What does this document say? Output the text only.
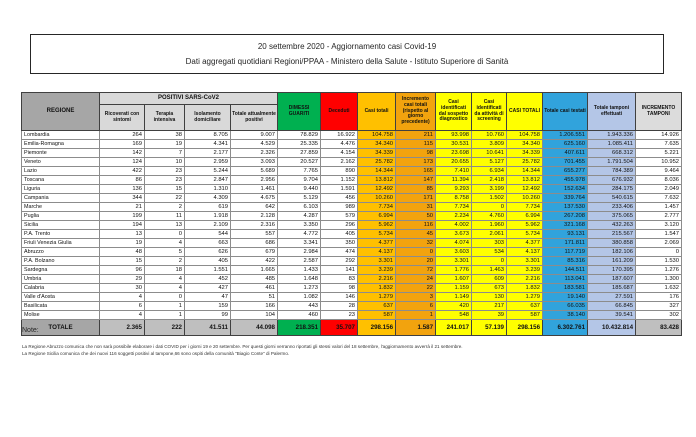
20 settembre 2020 - Aggiornamento casi Covid-19
Dati aggregati quotidiani Regioni/PPAA - Ministero della Salute - Istituto Superiore di Sanità
REGIONE	POSITIVI SARS-CoV2				DIMESSI GUARITI	Deceduti	Casi totali	Incremento casi totali (rispetto al giorno precedente)	Casi identificati dal sospetto diagnostico	Casi identificati da attività di screening	CASI TOTALI	Totale casi testati	Totale tamponi effettuati	INCREMENTO TAMPONI
	Ricoverati con sintomi	Terapia intensiva	Isolamento domiciliare	Totale attualmente positivi										
Lombardia	264	38	8.705	9.007	78.829	16.922	104.758	211	93.998	10.760	104.758	1.206.551	1.943.336	14.926
Emilia-Romagna	169	19	4.341	4.529	25.335	4.476	34.340	115	30.531	3.809	34.340	625.160	1.085.411	7.635
Piemonte	142	7	2.177	2.326	27.859	4.154	34.339	98	23.698	10.641	34.339	407.611	668.312	5.221
Veneto	124	10	2.959	3.093	20.527	2.162	25.782	173	20.655	5.127	25.782	701.455	1.791.504	10.952
Lazio	422	23	5.244	5.689	7.765	890	14.344	165	7.410	6.934	14.344	655.277	784.389	9.464
Toscana	86	23	2.847	2.956	9.704	1.152	13.812	147	11.394	2.418	13.812	455.978	676.932	8.036
Liguria	136	15	1.310	1.461	9.440	1.591	12.492	85	9.293	3.199	12.492	152.634	284.175	2.049
Campania	344	22	4.309	4.675	5.129	456	10.260	171	8.758	1.502	10.260	339.764	540.615	7.632
Marche	21	2	619	642	6.103	989	7.734	31	7.734	0	7.734	137.530	233.406	1.457
Puglia	199	11	1.918	2.128	4.287	579	6.994	50	2.234	4.760	6.994	267.208	375.065	2.777
Sicilia	194	13	2.109	2.316	3.350	296	5.962	116	4.002	1.960	5.962	321.168	432.263	3.120
P.A. Trento	13	0	544	557	4.772	405	5.734	45	3.673	2.061	5.734	93.131	215.567	1.547
Friuli Venezia Giulia	19	4	663	686	3.341	350	4.377	32	4.074	303	4.377	171.811	380.858	2.069
Abruzzo	48	5	626	679	2.984	474	4.137	0	3.603	534	4.137	117.719	182.106	0
P.A. Bolzano	15	2	405	422	2.587	292	3.301	20	3.301	0	3.301	85.316	161.209	1.530
Sardegna	96	18	1.551	1.665	1.433	141	3.239	72	1.776	1.463	3.239	144.511	170.395	1.276
Umbria	29	4	452	485	1.648	83	2.216	24	1.607	609	2.216	113.041	187.607	1.300
Calabria	30	4	427	461	1.273	98	1.832	22	1.159	673	1.832	183.581	185.687	1.632
Valle d'Aosta	4	0	47	51	1.082	146	1.279	3	1.149	130	1.279	19.140	27.591	176
Basilicata	6	1	159	166	443	28	637	6	420	217	637	66.035	66.845	327
Molise	4	1	99	104	460	23	587	1	548	39	587	38.140	39.541	302
TOTALE	2.365	222	41.511	44.098	218.351	35.707	298.156	1.587	241.017	57.139	298.156	6.302.761	10.432.814	83.428
Note:
La Regione Abruzzo comunica che non sarà possibile elaborare i dati COVID per i giorni 19 e 20 settembre. Per questi giorni verranno riportati gli stessi valori del 18 settembre, l'aggiornamento avverrà il 21 settembre.
La Regione Sicilia comunica che dei nuovi 116 soggetti positivi al tampone,66 sono ospiti della comunità "Biagio Conte" di Palermo.
